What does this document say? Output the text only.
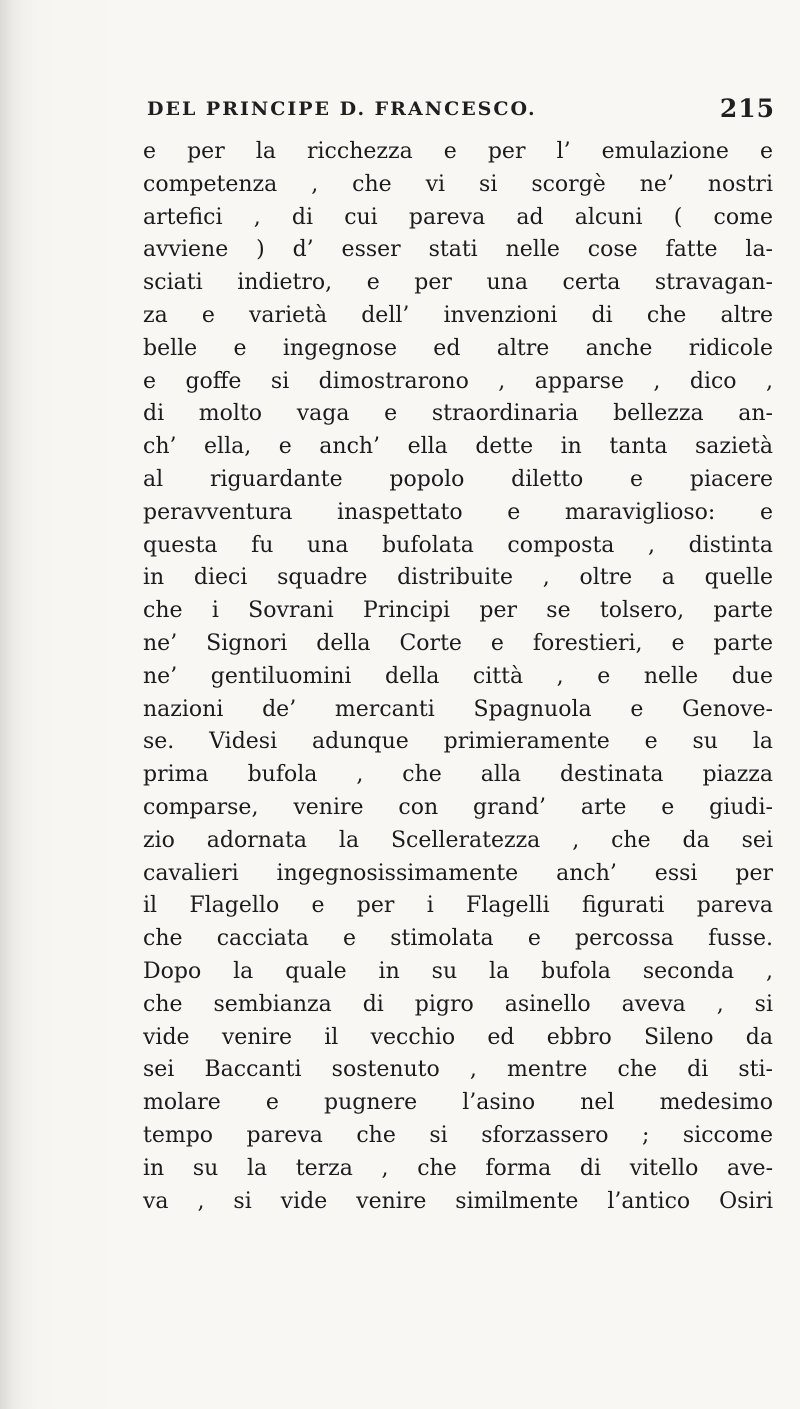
DEL PRINCIPE D. FRANCESCO.	215
e per la ricchezza e per l’ emulazione e
competenza , che vi si scorgè ne’ nostri
artefici , di cui pareva ad alcuni ( come
avviene ) d’ esser stati nelle cose fatte la-
sciati indietro, e per una certa stravagan-
za e varietà dell’ invenzioni di che altre
belle e ingegnose ed altre anche ridicole
e goffe si dimostrarono , apparse , dico ,
di molto vaga e straordinaria bellezza an-
ch’ ella, e anch’ ella dette in tanta sazietà
al riguardante popolo diletto e piacere
peravventura inaspettato e maraviglioso: e
questa fu una bufolata composta , distinta
in dieci squadre distribuite , oltre a quelle
che i Sovrani Principi per se tolsero, parte
ne’ Signori della Corte e forestieri, e parte
ne’ gentiluomini della città , e nelle due
nazioni de’ mercanti Spagnuola e Genove-
se. Videsi adunque primieramente e su la
prima bufola , che alla destinata piazza
comparse, venire con grand’ arte e giudi-
zio adornata la Scelleratezza , che da sei
cavalieri ingegnosissimamente anch’ essi per
il Flagello e per i Flagelli figurati pareva
che cacciata e stimolata e percossa fusse.
Dopo la quale in su la bufola seconda ,
che sembianza di pigro asinello aveva , si
vide venire il vecchio ed ebbro Sileno da
sei Baccanti sostenuto , mentre che di sti-
molare e pugnere l’asino nel medesimo
tempo pareva che si sforzassero ; siccome
in su la terza , che forma di vitello ave-
va , si vide venire similmente l’antico Osiri
